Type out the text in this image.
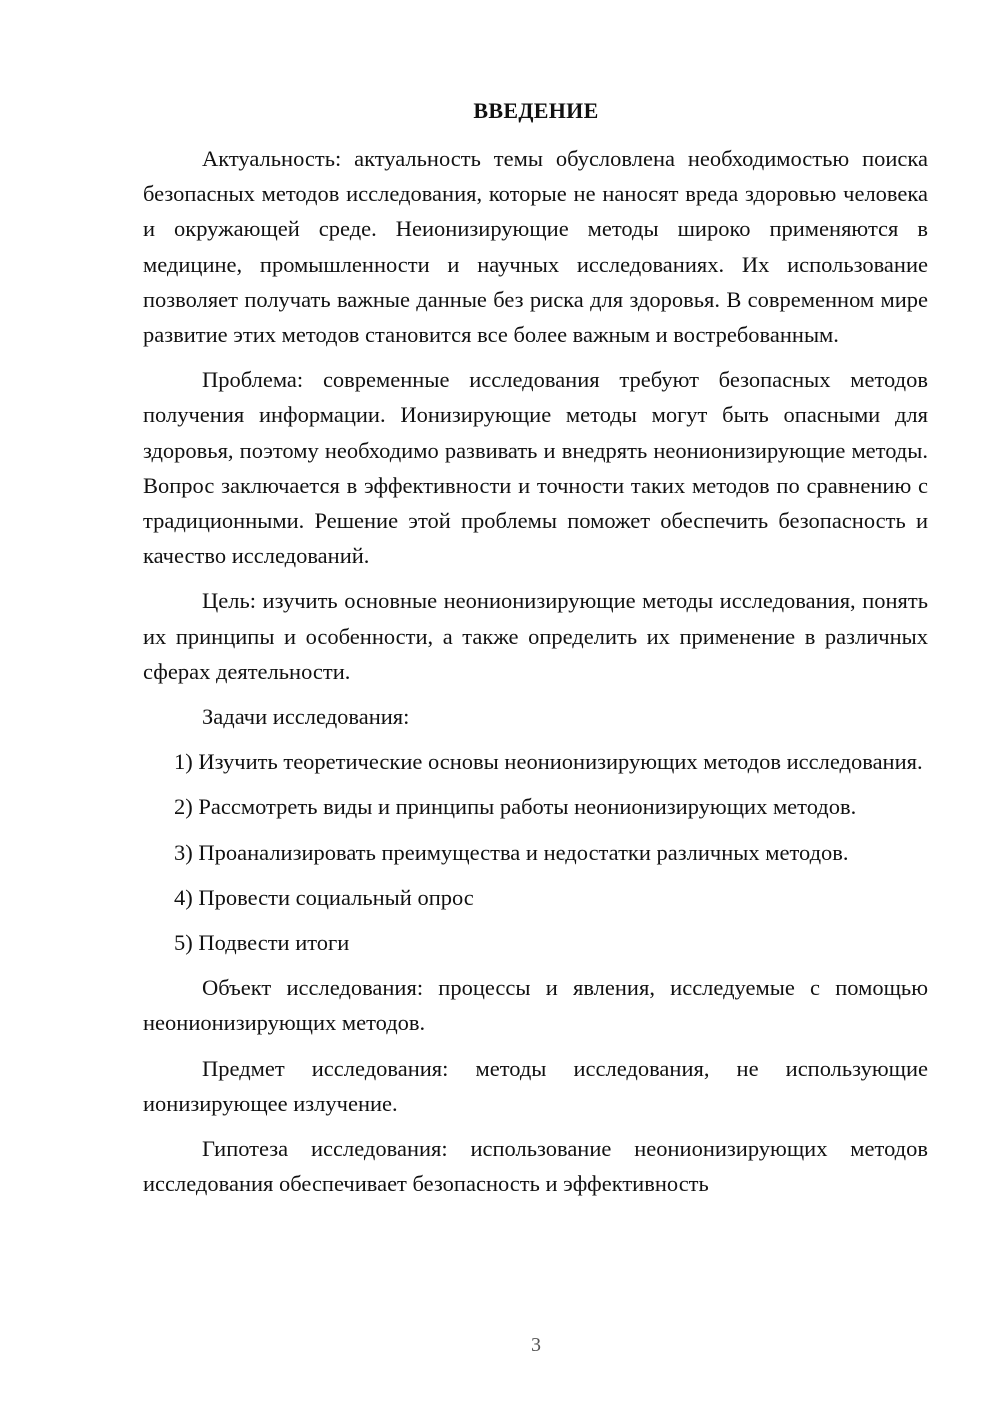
ВВЕДЕНИЕ

Актуальность: актуальность темы обусловлена необходимостью поиска безопасных методов исследования, которые не наносят вреда здоровью человека и окружающей среде. Неионизирующие методы широко применяются в медицине, промышленности и научных исследованиях. Их использование позволяет получать важные данные без риска для здоровья. В современном мире развитие этих методов становится все более важным и востребованным.

Проблема: современные исследования требуют безопасных методов получения информации. Ионизирующие методы могут быть опасными для здоровья, поэтому необходимо развивать и внедрять неонионизирующие методы. Вопрос заключается в эффективности и точности таких методов по сравнению с традиционными. Решение этой проблемы поможет обеспечить безопасность и качество исследований.

Цель: изучить основные неонионизирующие методы исследования, понять их принципы и особенности, а также определить их применение в различных сферах деятельности.

Задачи исследования:

1) Изучить теоретические основы неонионизирующих методов исследования.

2) Рассмотреть виды и принципы работы неонионизирующих методов.

3) Проанализировать преимущества и недостатки различных методов.

4) Провести социальный опрос

5) Подвести итоги

Объект исследования: процессы и явления, исследуемые с помощью неонионизирующих методов.

Предмет исследования: методы исследования, не использующие ионизирующее излучение.

Гипотеза исследования: использование неонионизирующих методов исследования обеспечивает безопасность и эффективность

3
